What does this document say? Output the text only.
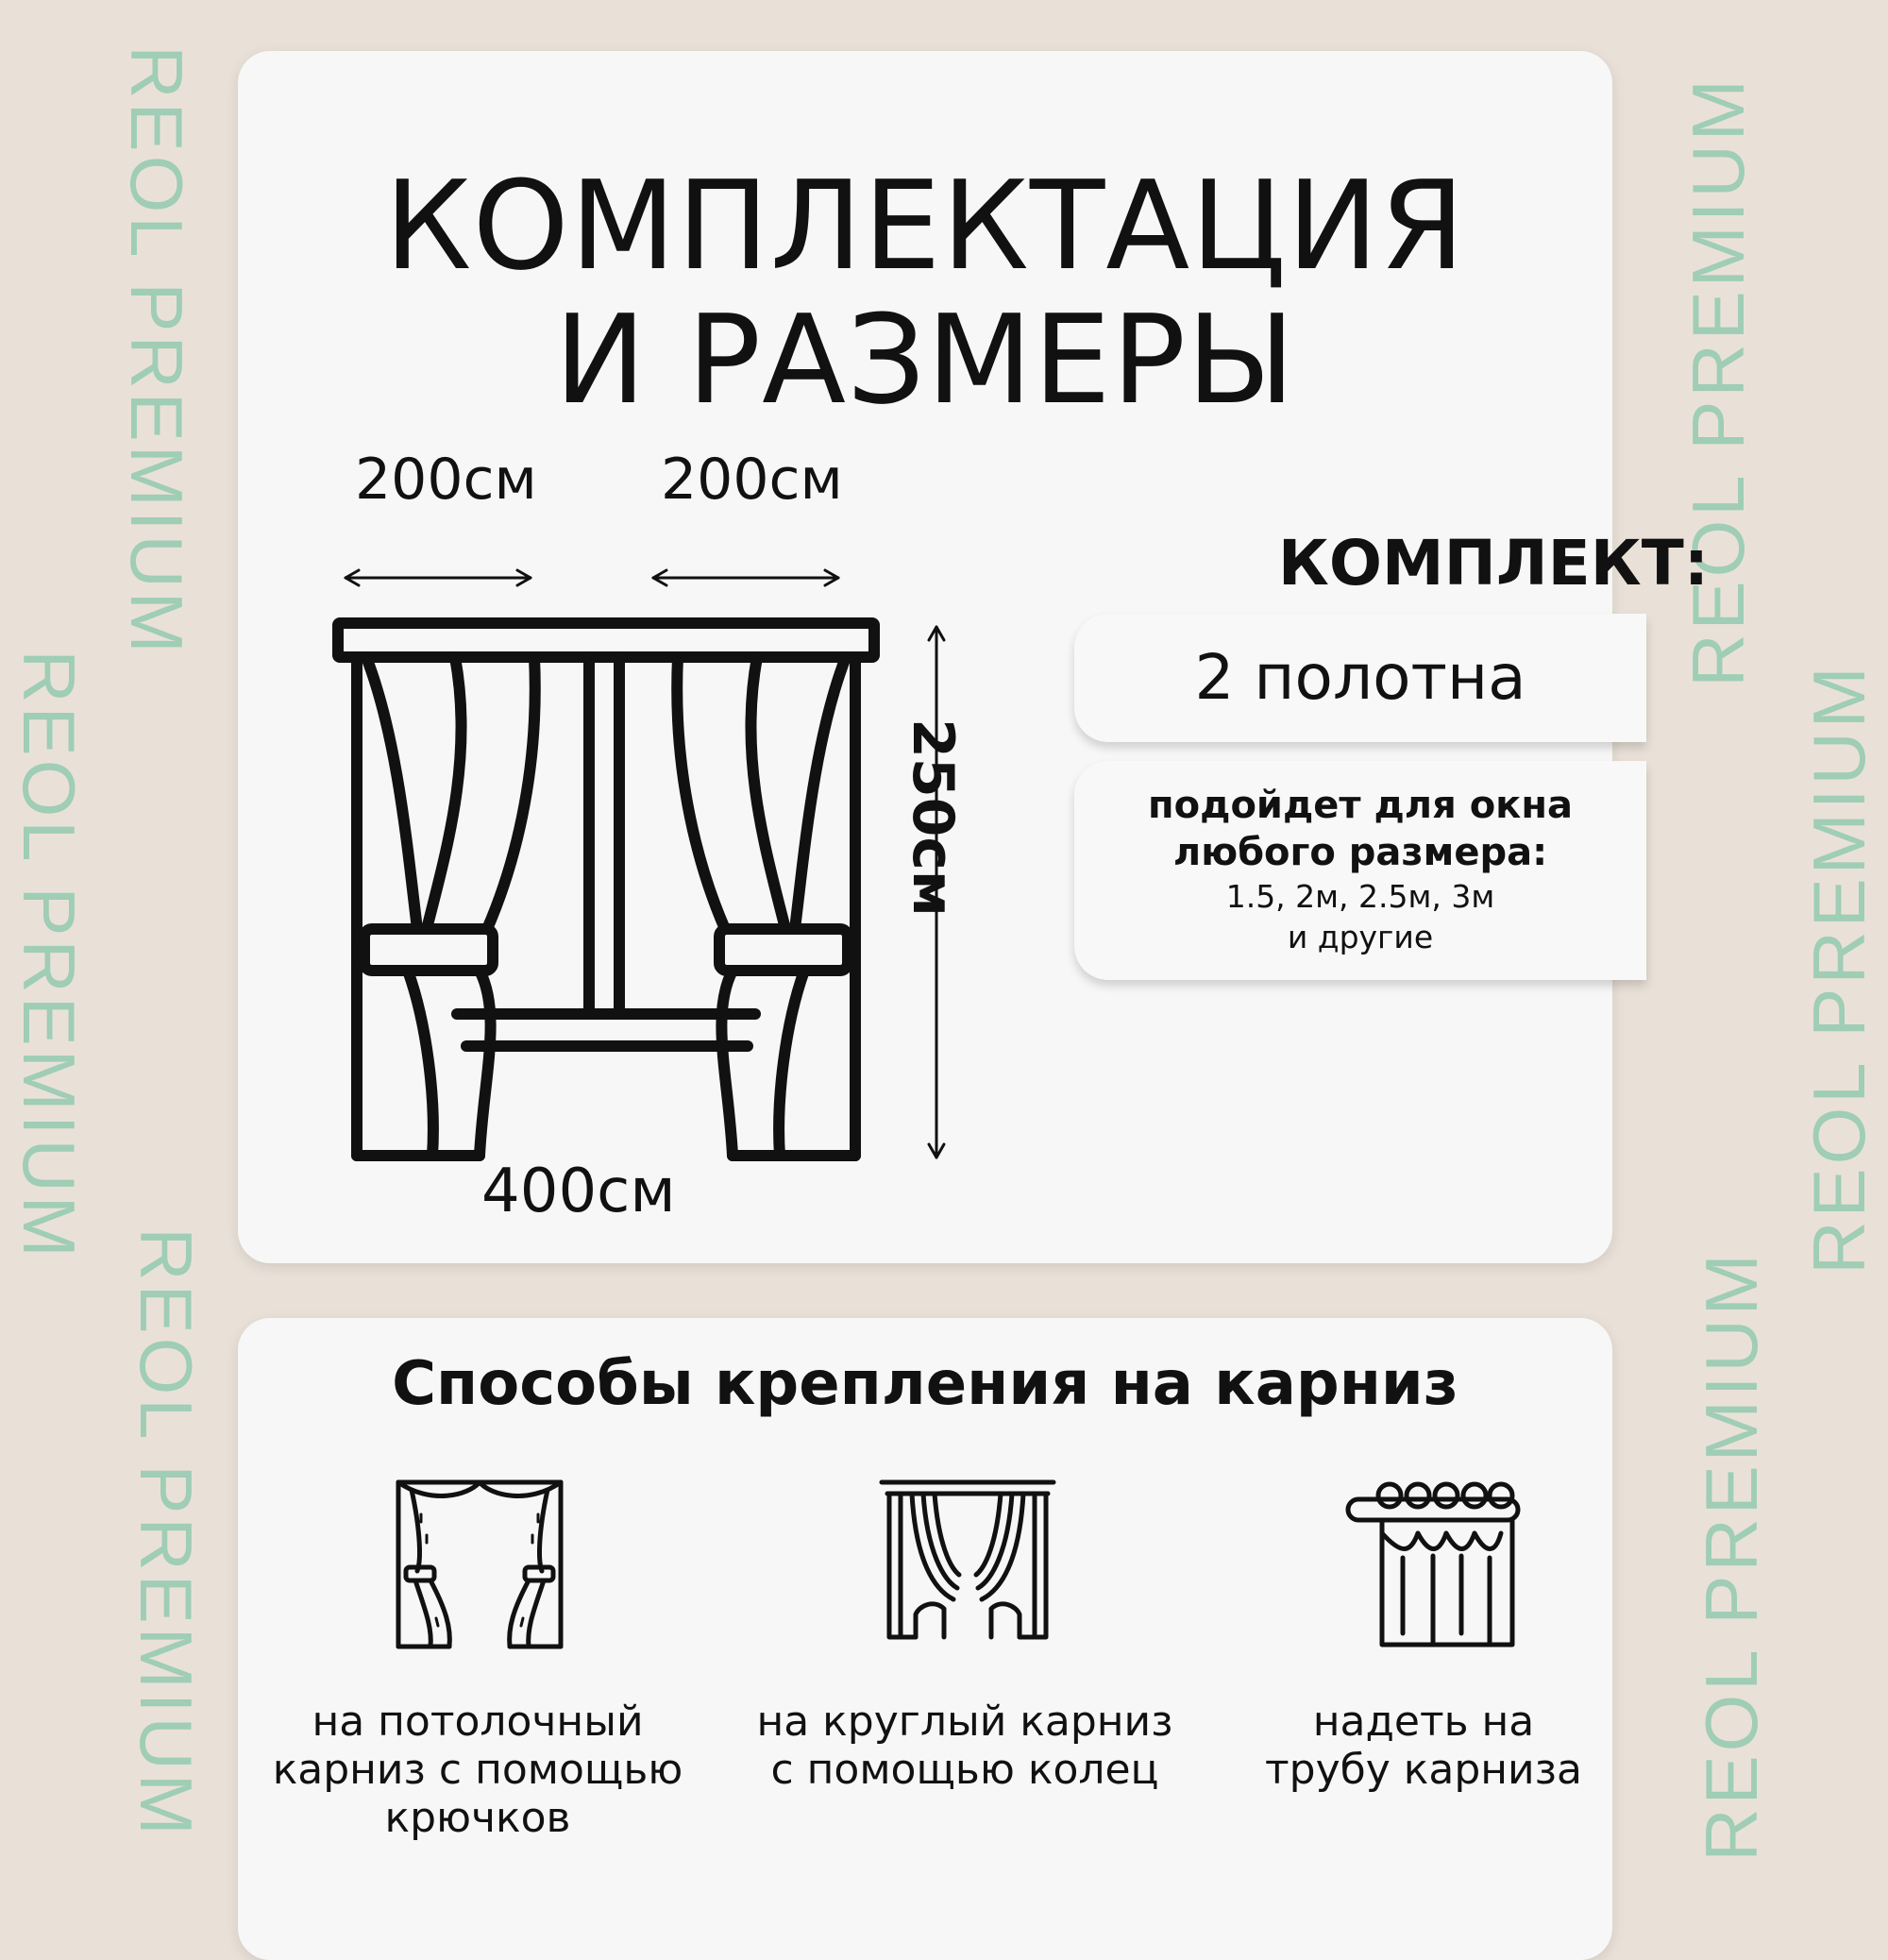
REOL PREMIUM
REOL PREMIUM
REOL PREMIUM
REOL PREMIUM
REOL PREMIUM
REOL PREMIUM
КОМПЛЕКТАЦИЯ
И РАЗМЕРЫ
200см 200см
250см
400см
КОМПЛЕКТ:
2 полотна
подойдет для окна
любого размера:
1.5, 2м, 2.5м, 3м
и другие
Способы крепления на карниз
на потолочный
карниз с помощью
крючков
на круглый карниз
с помощью колец
надеть на
трубу карниза
